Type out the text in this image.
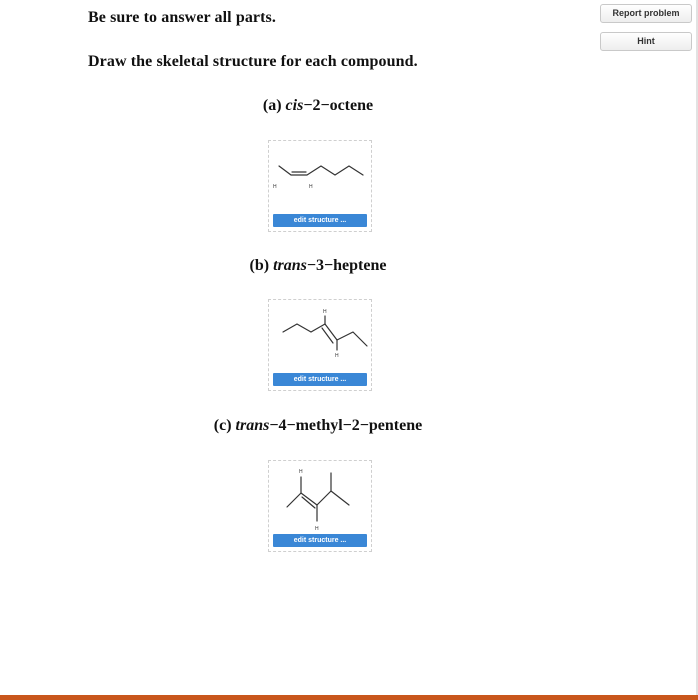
Be sure to answer all parts.
Draw the skeletal structure for each compound.
Report problem
Hint
(a) cis−2−octene
H	H
edit structure ...
(b) trans−3−heptene
H
H
edit structure ...
(c) trans−4−methyl−2−pentene
H
H
edit structure ...
